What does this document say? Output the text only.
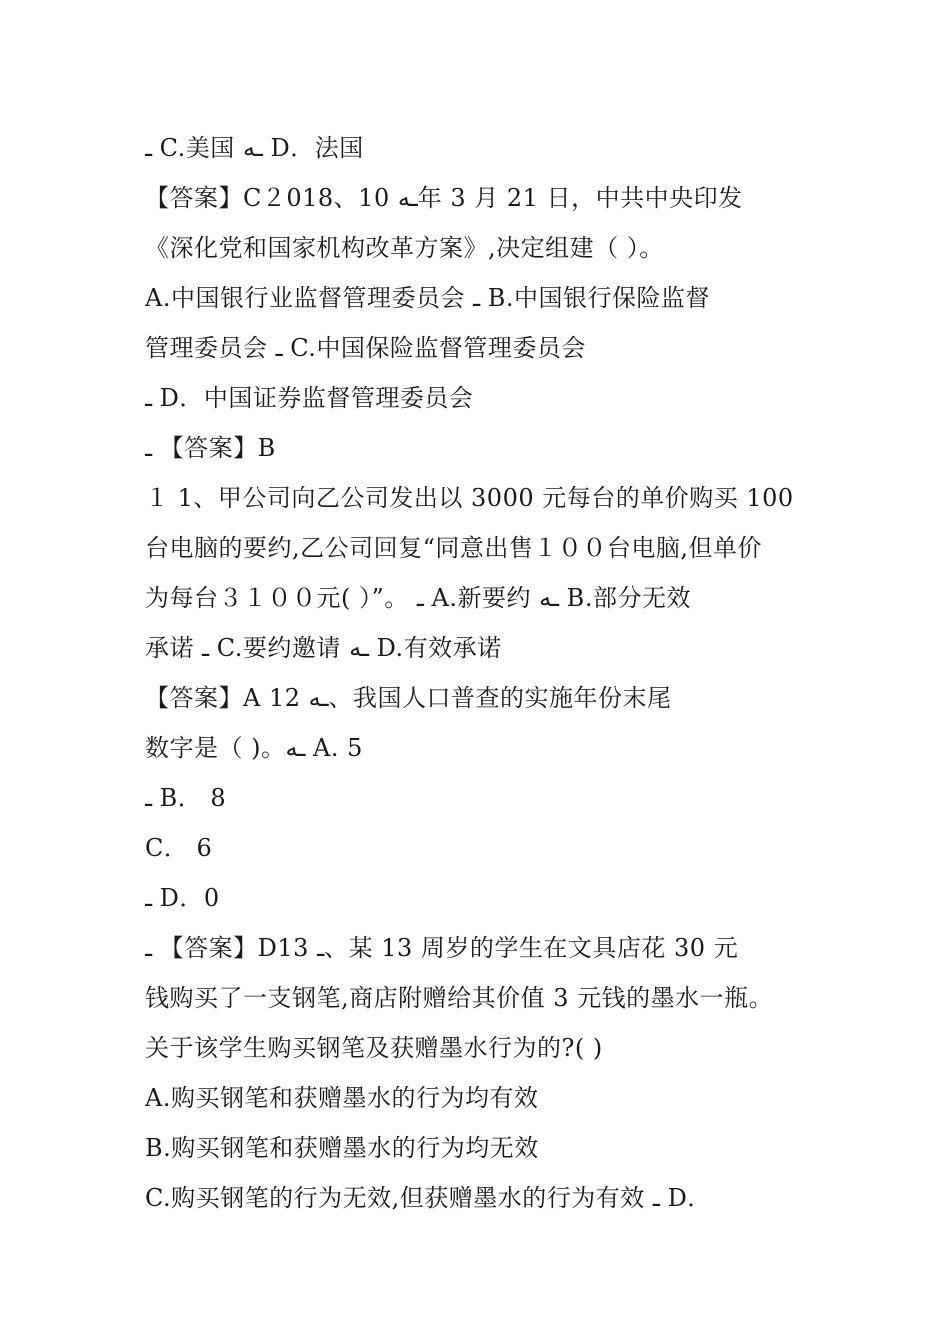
ـ C.美国 ـه D．法国
【答案】C２018、10 ـه年 3 月 21 日，中共中央印发
《深化党和国家机构改革方案》,决定组建（ ）。
A.中国银行业监督管理委员会 ـ B.中国银行保险监督
管理委员会 ـ C.中国保险监督管理委员会
ـ D．中国证券监督管理委员会
ـ 【答案】B
１ 1、甲公司向乙公司发出以 3000 元每台的单价购买 100
台电脑的要约,乙公司回复“同意出售１００台电脑,但单价
为每台３１００元( ）”。 ـ A.新要约 ـه B.部分无效
承诺 ـ C.要约邀请 ـه D.有效承诺
【答案】A 12 ـه、我国人口普查的实施年份末尾
数字是（ )。ـه A. 5
ـ B． 8
C． 6
ـ D．0
ـ 【答案】D13 ـ、某 13 周岁的学生在文具店花 30 元
钱购买了一支钢笔,商店附赠给其价值 3 元钱的墨水一瓶。
关于该学生购买钢笔及获赠墨水行为的?( )
A.购买钢笔和获赠墨水的行为均有效
B.购买钢笔和获赠墨水的行为均无效
C.购买钢笔的行为无效,但获赠墨水的行为有效 ـ D．
